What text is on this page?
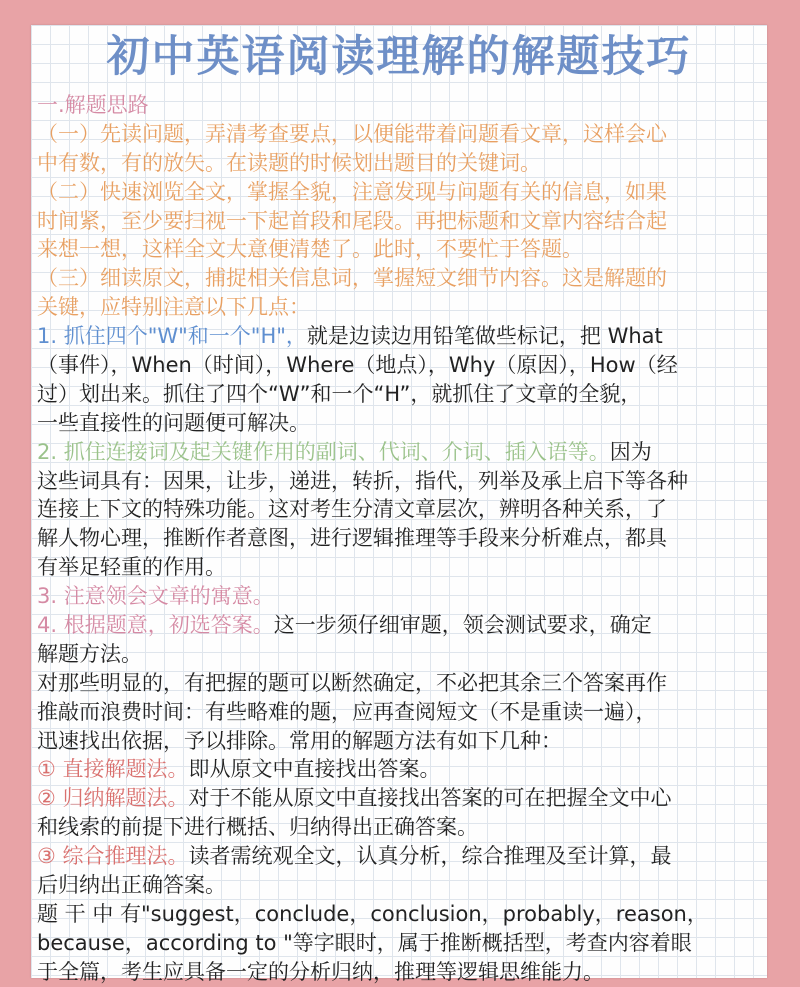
初中英语阅读理解的解题技巧
一.解题思路
（一）先读问题，弄清考查要点，以便能带着问题看文章，这样会心
中有数，有的放矢。在读题的时候划出题目的关键词。
（二）快速浏览全文，掌握全貌，注意发现与问题有关的信息，如果
时间紧，至少要扫视一下起首段和尾段。再把标题和文章内容结合起
来想一想，这样全文大意便清楚了。此时，不要忙于答题。
（三）细读原文，捕捉相关信息词，掌握短文细节内容。这是解题的
关键，应特别注意以下几点：
1. 抓住四个"W"和一个"H"，就是边读边用铅笔做些标记，把 What
（事件），When（时间），Where（地点），Why（原因），How（经
过）划出来。抓住了四个“W”和一个“H”，就抓住了文章的全貌，
一些直接性的问题便可解决。
2. 抓住连接词及起关键作用的副词、代词、介词、插入语等。因为
这些词具有：因果，让步，递进，转折，指代，列举及承上启下等各种
连接上下文的特殊功能。这对考生分清文章层次，辨明各种关系，了
解人物心理，推断作者意图，进行逻辑推理等手段来分析难点，都具
有举足轻重的作用。
3. 注意领会文章的寓意。
4. 根据题意，初选答案。这一步须仔细审题，领会测试要求，确定
解题方法。
对那些明显的，有把握的题可以断然确定，不必把其余三个答案再作
推敲而浪费时间：有些略难的题，应再查阅短文（不是重读一遍），
迅速找出依据，予以排除。常用的解题方法有如下几种：
① 直接解题法。即从原文中直接找出答案。
② 归纳解题法。对于不能从原文中直接找出答案的可在把握全文中心
和线索的前提下进行概括、归纳得出正确答案。
③ 综合推理法。读者需统观全文，认真分析，综合推理及至计算，最
后归纳出正确答案。
题 干 中 有"suggest，conclude，conclusion，probably，reason，
because，according to "等字眼时，属于推断概括型，考查内容着眼
于全篇，考生应具备一定的分析归纳，推理等逻辑思维能力。
